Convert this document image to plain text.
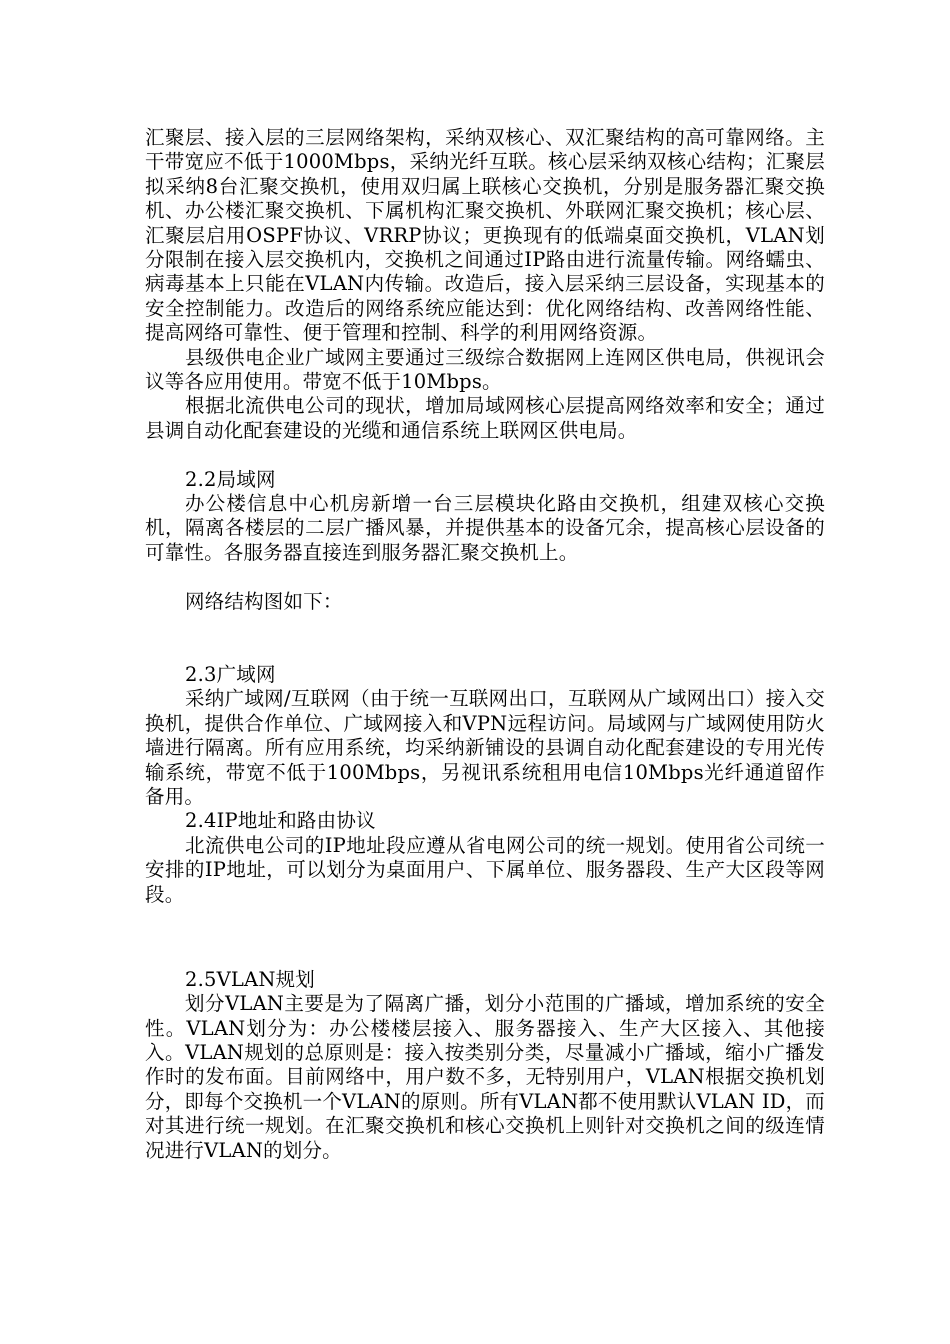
汇聚层、接入层的三层网络架构，采纳双核心、双汇聚结构的高可靠网络。主干带宽应不低于1000Mbps，采纳光纤互联。核心层采纳双核心结构；汇聚层拟采纳8台汇聚交换机，使用双归属上联核心交换机，分别是服务器汇聚交换机、办公楼汇聚交换机、下属机构汇聚交换机、外联网汇聚交换机；核心层、汇聚层启用OSPF协议、VRRP协议；更换现有的低端桌面交换机，VLAN划分限制在接入层交换机内，交换机之间通过IP路由进行流量传输。网络蠕虫、病毒基本上只能在VLAN内传输。改造后，接入层采纳三层设备，实现基本的安全控制能力。改造后的网络系统应能达到：优化网络结构、改善网络性能、提高网络可靠性、便于管理和控制、科学的利用网络资源。

县级供电企业广域网主要通过三级综合数据网上连网区供电局，供视讯会议等各应用使用。带宽不低于10Mbps。

根据北流供电公司的现状，增加局域网核心层提高网络效率和安全；通过县调自动化配套建设的光缆和通信系统上联网区供电局。

2.2局域网

办公楼信息中心机房新增一台三层模块化路由交换机，组建双核心交换机，隔离各楼层的二层广播风暴，并提供基本的设备冗余，提高核心层设备的可靠性。各服务器直接连到服务器汇聚交换机上。

网络结构图如下：

2.3广域网

采纳广域网/互联网（由于统一互联网出口，互联网从广域网出口）接入交换机，提供合作单位、广域网接入和VPN远程访问。局域网与广域网使用防火墙进行隔离。所有应用系统，均采纳新铺设的县调自动化配套建设的专用光传输系统，带宽不低于100Mbps，另视讯系统租用电信10Mbps光纤通道留作备用。

2.4IP地址和路由协议

北流供电公司的IP地址段应遵从省电网公司的统一规划。使用省公司统一安排的IP地址，可以划分为桌面用户、下属单位、服务器段、生产大区段等网段。

2.5VLAN规划

划分VLAN主要是为了隔离广播，划分小范围的广播域，增加系统的安全性。VLAN划分为：办公楼楼层接入、服务器接入、生产大区接入、其他接入。VLAN规划的总原则是：接入按类别分类，尽量减小广播域，缩小广播发作时的发布面。目前网络中，用户数不多，无特别用户，VLAN根据交换机划分，即每个交换机一个VLAN的原则。所有VLAN都不使用默认VLAN ID，而对其进行统一规划。在汇聚交换机和核心交换机上则针对交换机之间的级连情况进行VLAN的划分。
